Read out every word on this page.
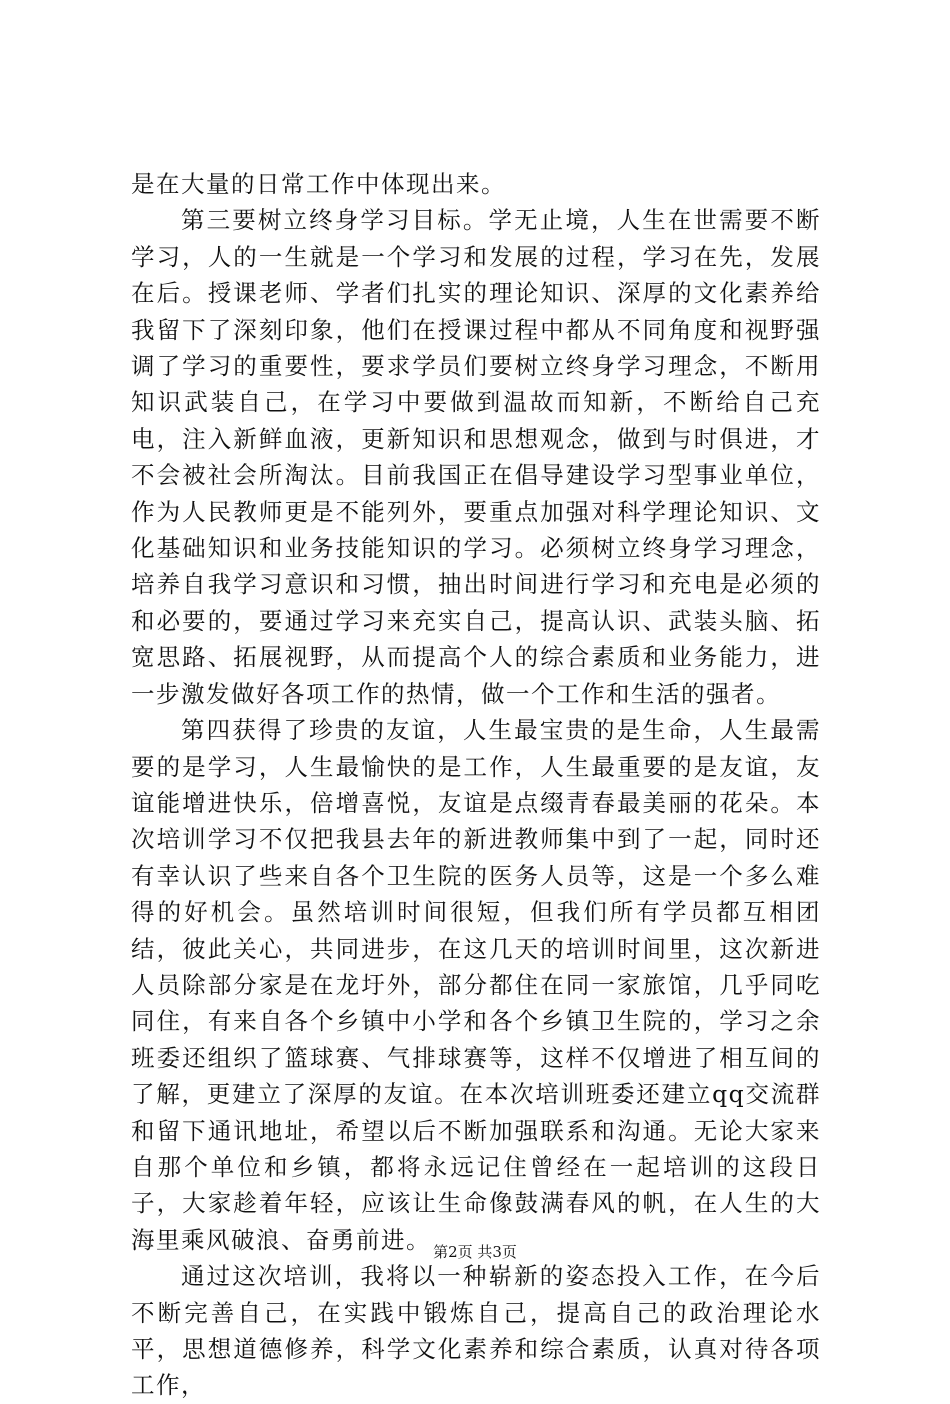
是在大量的日常工作中体现出来。

第三要树立终身学习目标。学无止境，人生在世需要不断学习，人的一生就是一个学习和发展的过程，学习在先，发展在后。授课老师、学者们扎实的理论知识、深厚的文化素养给我留下了深刻印象，他们在授课过程中都从不同角度和视野强调了学习的重要性，要求学员们要树立终身学习理念，不断用知识武装自己，在学习中要做到温故而知新，不断给自己充电，注入新鲜血液，更新知识和思想观念，做到与时俱进，才不会被社会所淘汰。目前我国正在倡导建设学习型事业单位，作为人民教师更是不能列外，要重点加强对科学理论知识、文化基础知识和业务技能知识的学习。必须树立终身学习理念，培养自我学习意识和习惯，抽出时间进行学习和充电是必须的和必要的，要通过学习来充实自己，提高认识、武装头脑、拓宽思路、拓展视野，从而提高个人的综合素质和业务能力，进一步激发做好各项工作的热情，做一个工作和生活的强者。

第四获得了珍贵的友谊，人生最宝贵的是生命，人生最需要的是学习，人生最愉快的是工作，人生最重要的是友谊，友谊能增进快乐，倍增喜悦，友谊是点缀青春最美丽的花朵。本次培训学习不仅把我县去年的新进教师集中到了一起，同时还有幸认识了些来自各个卫生院的医务人员等，这是一个多么难得的好机会。虽然培训时间很短，但我们所有学员都互相团结，彼此关心，共同进步，在这几天的培训时间里，这次新进人员除部分家是在龙圩外，部分都住在同一家旅馆，几乎同吃同住，有来自各个乡镇中小学和各个乡镇卫生院的，学习之余班委还组织了篮球赛、气排球赛等，这样不仅增进了相互间的了解，更建立了深厚的友谊。在本次培训班委还建立qq交流群和留下通讯地址，希望以后不断加强联系和沟通。无论大家来自那个单位和乡镇，都将永远记住曾经在一起培训的这段日子，大家趁着年轻，应该让生命像鼓满春风的帆，在人生的大海里乘风破浪、奋勇前进。

通过这次培训，我将以一种崭新的姿态投入工作，在今后不断完善自己，在实践中锻炼自己，提高自己的政治理论水平，思想道德修养，科学文化素养和综合素质，认真对待各项工作，

第2页 共3页
